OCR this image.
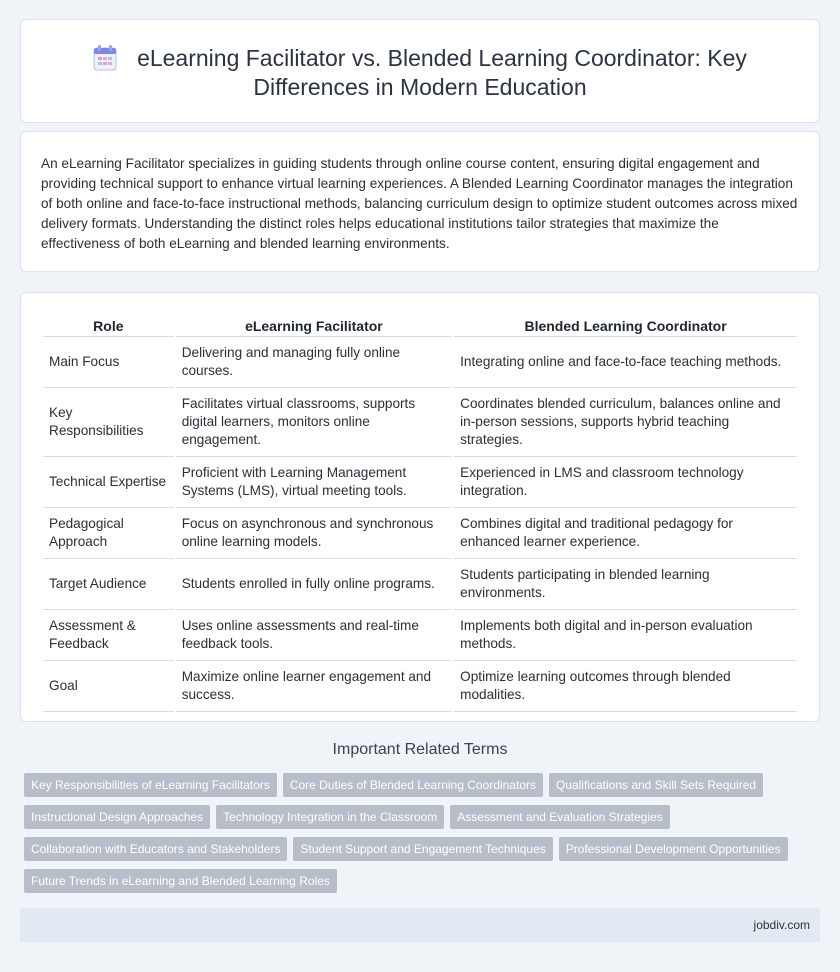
eLearning Facilitator vs. Blended Learning Coordinator: Key
Differences in Modern Education
An eLearning Facilitator specializes in guiding students through online course content, ensuring digital engagement and providing technical support to enhance virtual learning experiences. A Blended Learning Coordinator manages the integration of both online and face-to-face instructional methods, balancing curriculum design to optimize student outcomes across mixed delivery formats. Understanding the distinct roles helps educational institutions tailor strategies that maximize the effectiveness of both eLearning and blended learning environments.
Role	eLearning Facilitator	Blended Learning Coordinator
Main Focus	Delivering and managing fully online courses.	Integrating online and face-to-face teaching methods.
Key Responsibilities	Facilitates virtual classrooms, supports digital learners, monitors online engagement.	Coordinates blended curriculum, balances online and in-person sessions, supports hybrid teaching strategies.
Technical Expertise	Proficient with Learning Management Systems (LMS), virtual meeting tools.	Experienced in LMS and classroom technology integration.
Pedagogical Approach	Focus on asynchronous and synchronous online learning models.	Combines digital and traditional pedagogy for enhanced learner experience.
Target Audience	Students enrolled in fully online programs.	Students participating in blended learning environments.
Assessment & Feedback	Uses online assessments and real-time feedback tools.	Implements both digital and in-person evaluation methods.
Goal	Maximize online learner engagement and success.	Optimize learning outcomes through blended modalities.
Important Related Terms
Key Responsibilities of eLearning Facilitators Core Duties of Blended Learning Coordinators Qualifications and Skill Sets Required
Instructional Design Approaches Technology Integration in the Classroom Assessment and Evaluation Strategies
Collaboration with Educators and Stakeholders Student Support and Engagement Techniques Professional Development Opportunities
Future Trends in eLearning and Blended Learning Roles
jobdiv.com
